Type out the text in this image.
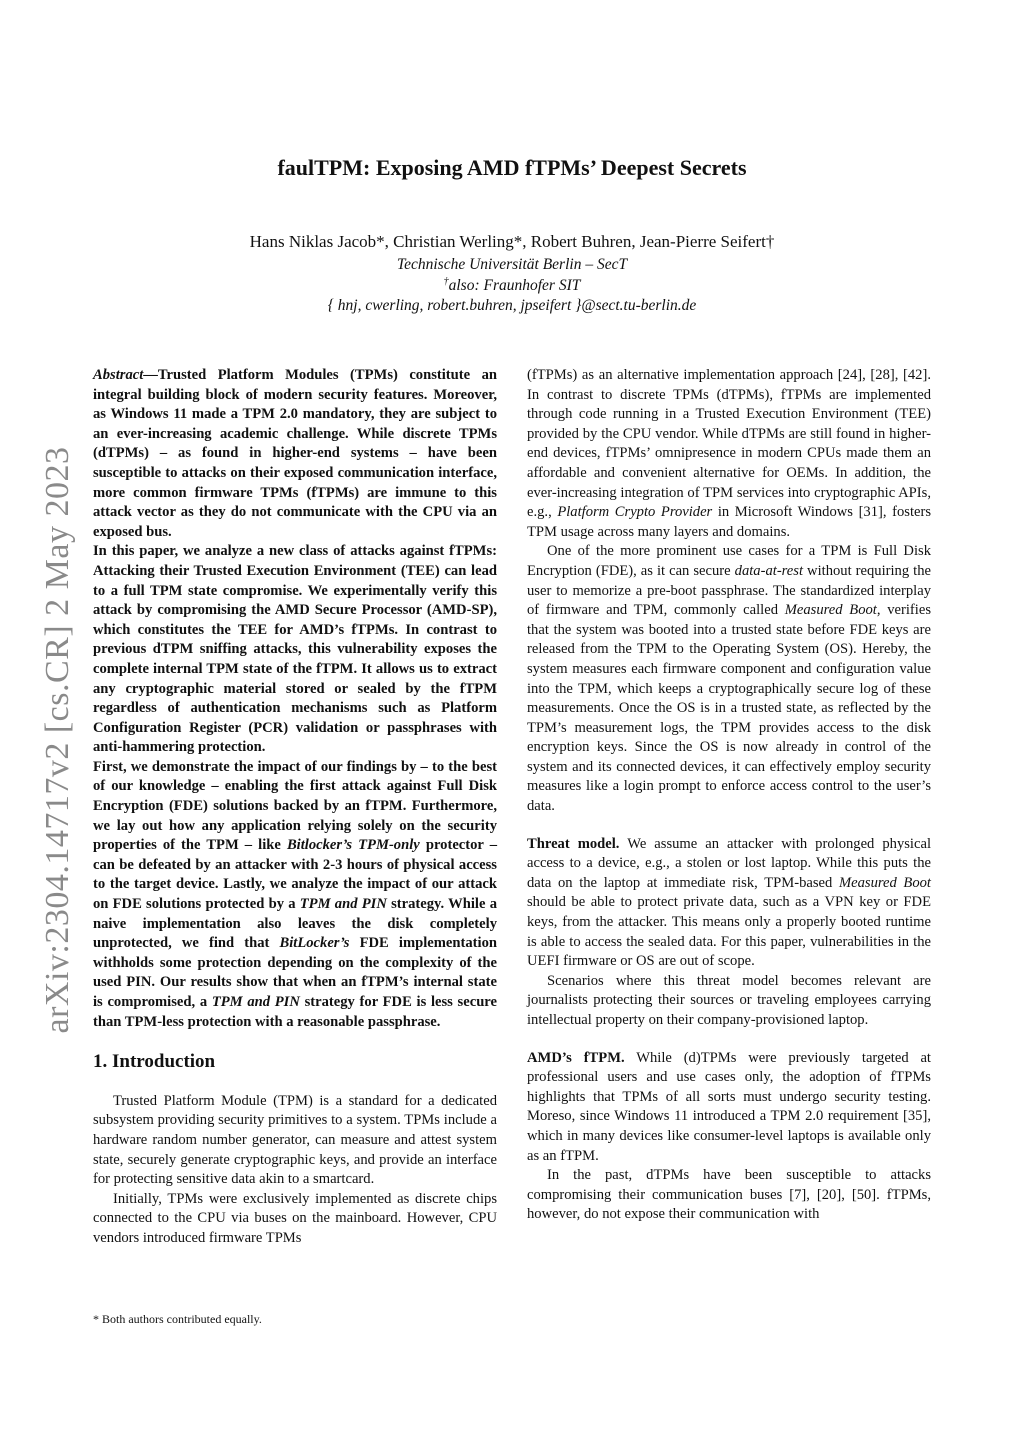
arXiv:2304.14717v2 [cs.CR] 2 May 2023
faulTPM: Exposing AMD fTPMs’ Deepest Secrets
Hans Niklas Jacob*, Christian Werling*, Robert Buhren, Jean-Pierre Seifert†
Technische Universität Berlin – SecT
†also: Fraunhofer SIT
{ hnj, cwerling, robert.buhren, jpseifert }@sect.tu-berlin.de

Abstract—Trusted Platform Modules (TPMs) constitute an integral building block of modern security features. Moreover, as Windows 11 made a TPM 2.0 mandatory, they are subject to an ever-increasing academic challenge. While discrete TPMs (dTPMs) – as found in higher-end systems – have been susceptible to attacks on their exposed communication interface, more common firmware TPMs (fTPMs) are immune to this attack vector as they do not communicate with the CPU via an exposed bus.

In this paper, we analyze a new class of attacks against fTPMs: Attacking their Trusted Execution Environment (TEE) can lead to a full TPM state compromise. We experimentally verify this attack by compromising the AMD Secure Processor (AMD-SP), which constitutes the TEE for AMD’s fTPMs. In contrast to previous dTPM sniffing attacks, this vulnerability exposes the complete internal TPM state of the fTPM. It allows us to extract any cryptographic material stored or sealed by the fTPM regardless of authentication mechanisms such as Platform Configuration Register (PCR) validation or passphrases with anti-hammering protection.

First, we demonstrate the impact of our findings by – to the best of our knowledge – enabling the first attack against Full Disk Encryption (FDE) solutions backed by an fTPM. Furthermore, we lay out how any application relying solely on the security properties of the TPM – like Bitlocker’s TPM-only protector – can be defeated by an attacker with 2-3 hours of physical access to the target device. Lastly, we analyze the impact of our attack on FDE solutions protected by a TPM and PIN strategy. While a naive implementation also leaves the disk completely unprotected, we find that BitLocker’s FDE implementation withholds some protection depending on the complexity of the used PIN. Our results show that when an fTPM’s internal state is compromised, a TPM and PIN strategy for FDE is less secure than TPM-less protection with a reasonable passphrase.

1. Introduction

Trusted Platform Module (TPM) is a standard for a dedicated subsystem providing security primitives to a system. TPMs include a hardware random number generator, can measure and attest system state, securely generate cryptographic keys, and provide an interface for protecting sensitive data akin to a smartcard.

Initially, TPMs were exclusively implemented as discrete chips connected to the CPU via buses on the mainboard. However, CPU vendors introduced firmware TPMs

* Both authors contributed equally.

(fTPMs) as an alternative implementation approach [24], [28], [42]. In contrast to discrete TPMs (dTPMs), fTPMs are implemented through code running in a Trusted Execution Environment (TEE) provided by the CPU vendor. While dTPMs are still found in higher-end devices, fTPMs’ omnipresence in modern CPUs made them an affordable and convenient alternative for OEMs. In addition, the ever-increasing integration of TPM services into cryptographic APIs, e.g., Platform Crypto Provider in Microsoft Windows [31], fosters TPM usage across many layers and domains.

One of the more prominent use cases for a TPM is Full Disk Encryption (FDE), as it can secure data-at-rest without requiring the user to memorize a pre-boot passphrase. The standardized interplay of firmware and TPM, commonly called Measured Boot, verifies that the system was booted into a trusted state before FDE keys are released from the TPM to the Operating System (OS). Hereby, the system measures each firmware component and configuration value into the TPM, which keeps a cryptographically secure log of these measurements. Once the OS is in a trusted state, as reflected by the TPM’s measurement logs, the TPM provides access to the disk encryption keys. Since the OS is now already in control of the system and its connected devices, it can effectively employ security measures like a login prompt to enforce access control to the user’s data.

Threat model. We assume an attacker with prolonged physical access to a device, e.g., a stolen or lost laptop. While this puts the data on the laptop at immediate risk, TPM-based Measured Boot should be able to protect private data, such as a VPN key or FDE keys, from the attacker. This means only a properly booted runtime is able to access the sealed data. For this paper, vulnerabilities in the UEFI firmware or OS are out of scope.

Scenarios where this threat model becomes relevant are journalists protecting their sources or traveling employees carrying intellectual property on their company-provisioned laptop.

AMD’s fTPM. While (d)TPMs were previously targeted at professional users and use cases only, the adoption of fTPMs highlights that TPMs of all sorts must undergo security testing. Moreso, since Windows 11 introduced a TPM 2.0 requirement [35], which in many devices like consumer-level laptops is available only as an fTPM.

In the past, dTPMs have been susceptible to attacks compromising their communication buses [7], [20], [50]. fTPMs, however, do not expose their communication with
